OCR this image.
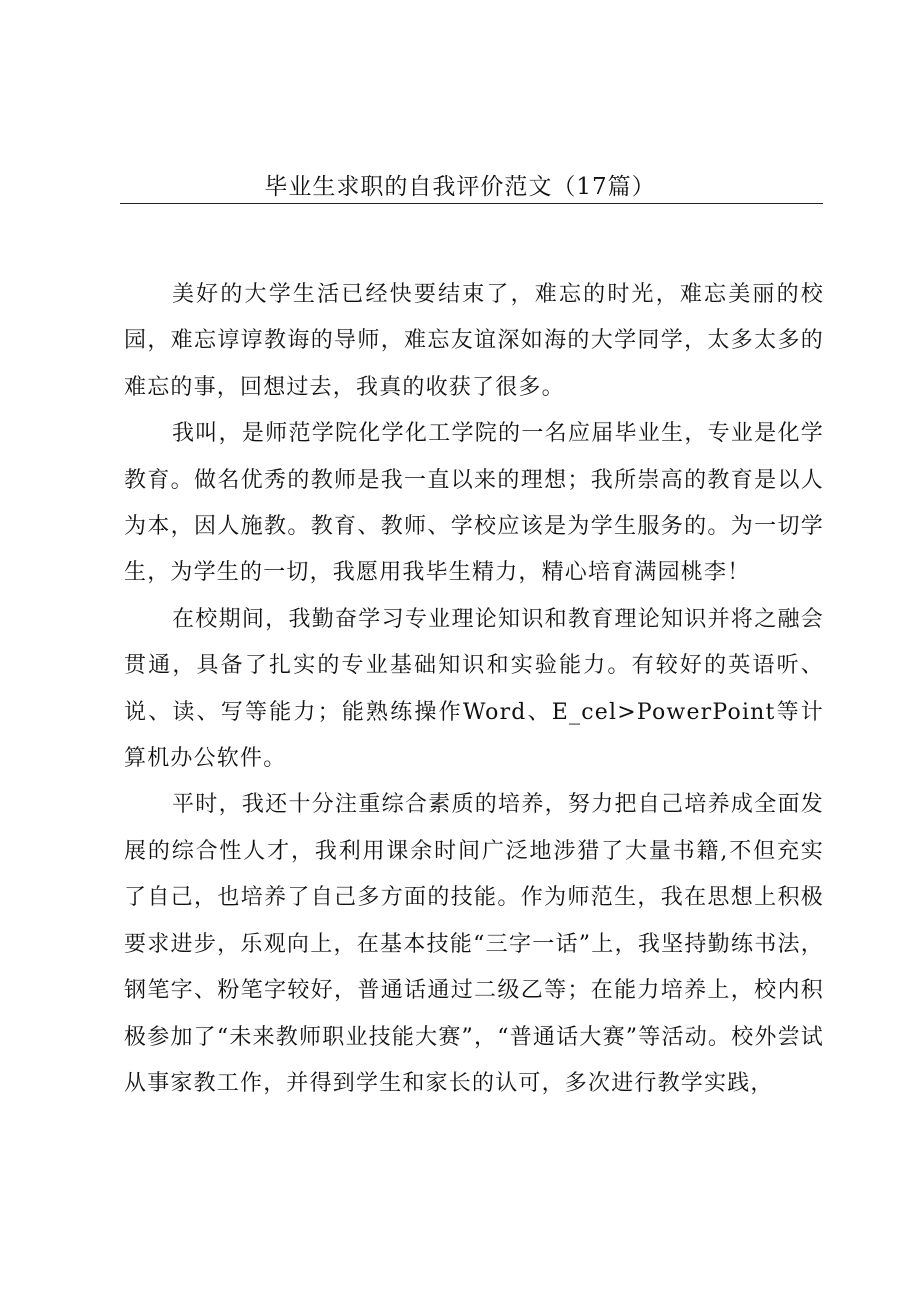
毕业生求职的自我评价范文（17篇）

美好的大学生活已经快要结束了，难忘的时光，难忘美丽的校园，难忘谆谆教诲的导师，难忘友谊深如海的大学同学，太多太多的难忘的事，回想过去，我真的收获了很多。

我叫，是师范学院化学化工学院的一名应届毕业生，专业是化学教育。做名优秀的教师是我一直以来的理想；我所崇高的教育是以人为本，因人施教。教育、教师、学校应该是为学生服务的。为一切学生，为学生的一切，我愿用我毕生精力，精心培育满园桃李！

在校期间，我勤奋学习专业理论知识和教育理论知识并将之融会贯通，具备了扎实的专业基础知识和实验能力。有较好的英语听、说、读、写等能力；能熟练操作Word、E_cel>PowerPoint等计算机办公软件。

平时，我还十分注重综合素质的培养，努力把自己培养成全面发展的综合性人才，我利用课余时间广泛地涉猎了大量书籍,不但充实了自己，也培养了自己多方面的技能。作为师范生，我在思想上积极要求进步，乐观向上，在基本技能“三字一话”上，我坚持勤练书法，钢笔字、粉笔字较好，普通话通过二级乙等；在能力培养上，校内积极参加了“未来教师职业技能大赛”，“普通话大赛”等活动。校外尝试从事家教工作，并得到学生和家长的认可，多次进行教学实践，
